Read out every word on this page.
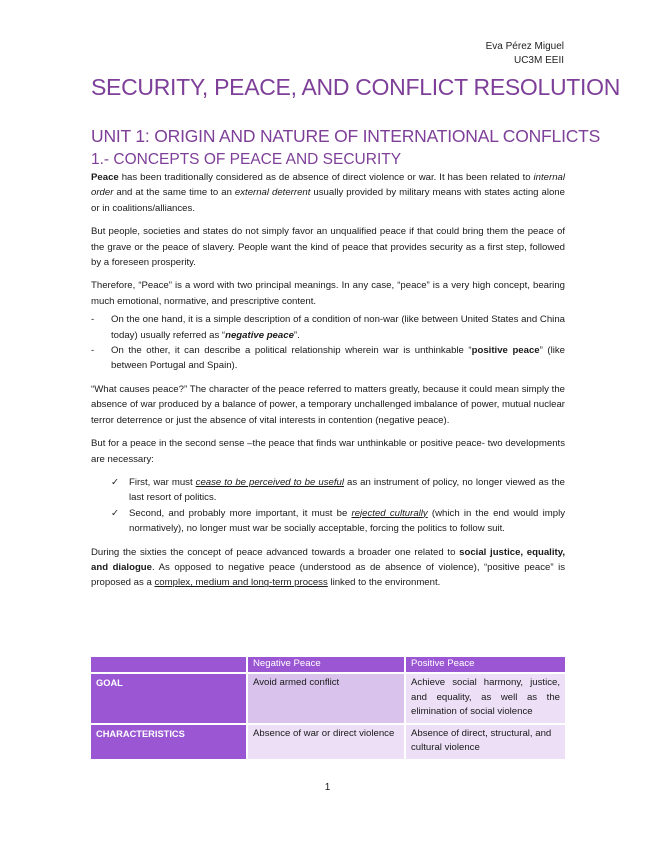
Eva Pérez Miguel
UC3M EEII
SECURITY, PEACE, AND CONFLICT RESOLUTION
UNIT 1: ORIGIN AND NATURE OF INTERNATIONAL CONFLICTS
1.- CONCEPTS OF PEACE AND SECURITY

Peace has been traditionally considered as de absence of direct violence or war. It has been related to internal order and at the same time to an external deterrent usually provided by military means with states acting alone or in coalitions/alliances.

But people, societies and states do not simply favor an unqualified peace if that could bring them the peace of the grave or the peace of slavery. People want the kind of peace that provides security as a first step, followed by a foreseen prosperity.

Therefore, “Peace” is a word with two principal meanings. In any case, “peace” is a very high concept, bearing much emotional, normative, and prescriptive content.

-	On the one hand, it is a simple description of a condition of non-war (like between United States and China today) usually referred as “negative peace”.
-	On the other, it can describe a political relationship wherein war is unthinkable “positive peace” (like between Portugal and Spain).

“What causes peace?” The character of the peace referred to matters greatly, because it could mean simply the absence of war produced by a balance of power, a temporary unchallenged imbalance of power, mutual nuclear terror deterrence or just the absence of vital interests in contention (negative peace).

But for a peace in the second sense –the peace that finds war unthinkable or positive peace- two developments are necessary:

✓	First, war must cease to be perceived to be useful as an instrument of policy, no longer viewed as the last resort of politics.
✓	Second, and probably more important, it must be rejected culturally (which in the end would imply normatively), no longer must war be socially acceptable, forcing the politics to follow suit.

During the sixties the concept of peace advanced towards a broader one related to social justice, equality, and dialogue. As opposed to negative peace (understood as de absence of violence), “positive peace” is proposed as a complex, medium and long-term process linked to the environment.

	Negative Peace	Positive Peace
GOAL	Avoid armed conflict	Achieve social harmony, justice, and equality, as well as the elimination of social violence
CHARACTERISTICS	Absence of war or direct violence	Absence of direct, structural, and cultural violence
1
